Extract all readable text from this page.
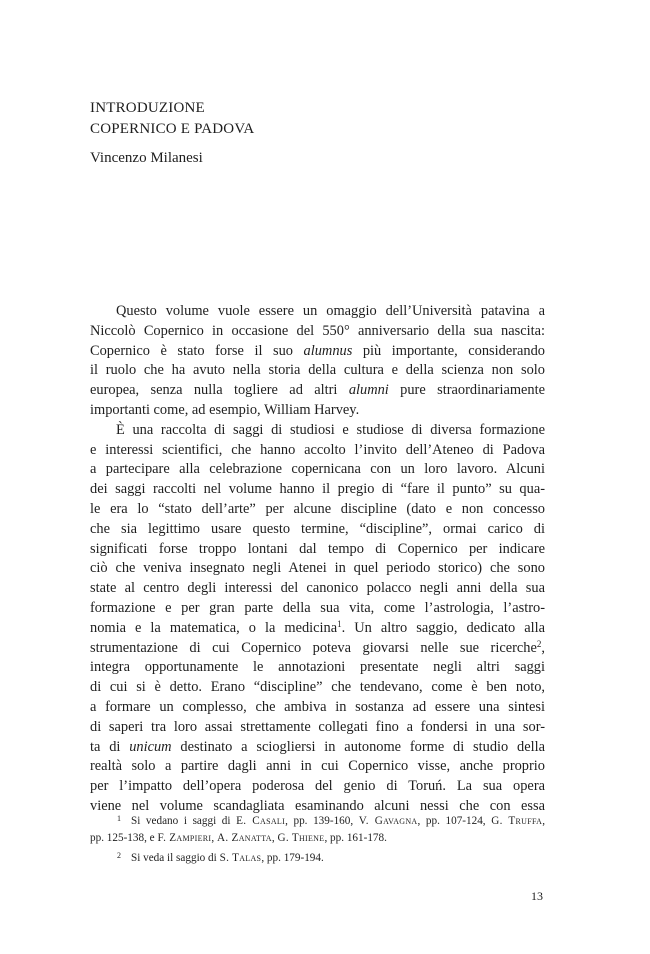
INTRODUZIONE
COPERNICO E PADOVA
Vincenzo Milanesi
Questo volume vuole essere un omaggio dell’Università patavina a
Niccolò Copernico in occasione del 550° anniversario della sua nascita:
Copernico è stato forse il suo alumnus più importante, considerando
il ruolo che ha avuto nella storia della cultura e della scienza non solo
europea, senza nulla togliere ad altri alumni pure straordinariamente
importanti come, ad esempio, William Harvey.
È una raccolta di saggi di studiosi e studiose di diversa formazione
e interessi scientifici, che hanno accolto l’invito dell’Ateneo di Padova
a partecipare alla celebrazione copernicana con un loro lavoro. Alcuni
dei saggi raccolti nel volume hanno il pregio di “fare il punto” su qua-
le era lo “stato dell’arte” per alcune discipline (dato e non concesso
che sia legittimo usare questo termine, “discipline”, ormai carico di
significati forse troppo lontani dal tempo di Copernico per indicare
ciò che veniva insegnato negli Atenei in quel periodo storico) che sono
state al centro degli interessi del canonico polacco negli anni della sua
formazione e per gran parte della sua vita, come l’astrologia, l’astro-
nomia e la matematica, o la medicina$^1$. Un altro saggio, dedicato alla
strumentazione di cui Copernico poteva giovarsi nelle sue ricerche$^2$,
integra opportunamente le annotazioni presentate negli altri saggi
di cui si è detto. Erano “discipline” che tendevano, come è ben noto,
a formare un complesso, che ambiva in sostanza ad essere una sintesi
di saperi tra loro assai strettamente collegati fino a fondersi in una sor-
ta di unicum destinato a sciogliersi in autonome forme di studio della
realtà solo a partire dagli anni in cui Copernico visse, anche proprio
per l’impatto dell’opera poderosa del genio di Toruń. La sua opera
viene nel volume scandagliata esaminando alcuni nessi che con essa
$^1$ Si vedano i saggi di E. Casali, pp. 139-160, V. Gavagna, pp. 107-124, G. Truffa,
pp. 125-138, e F. Zampieri, A. Zanatta, G. Thiene, pp. 161-178.
$^2$ Si veda il saggio di S. Talas, pp. 179-194.
13
